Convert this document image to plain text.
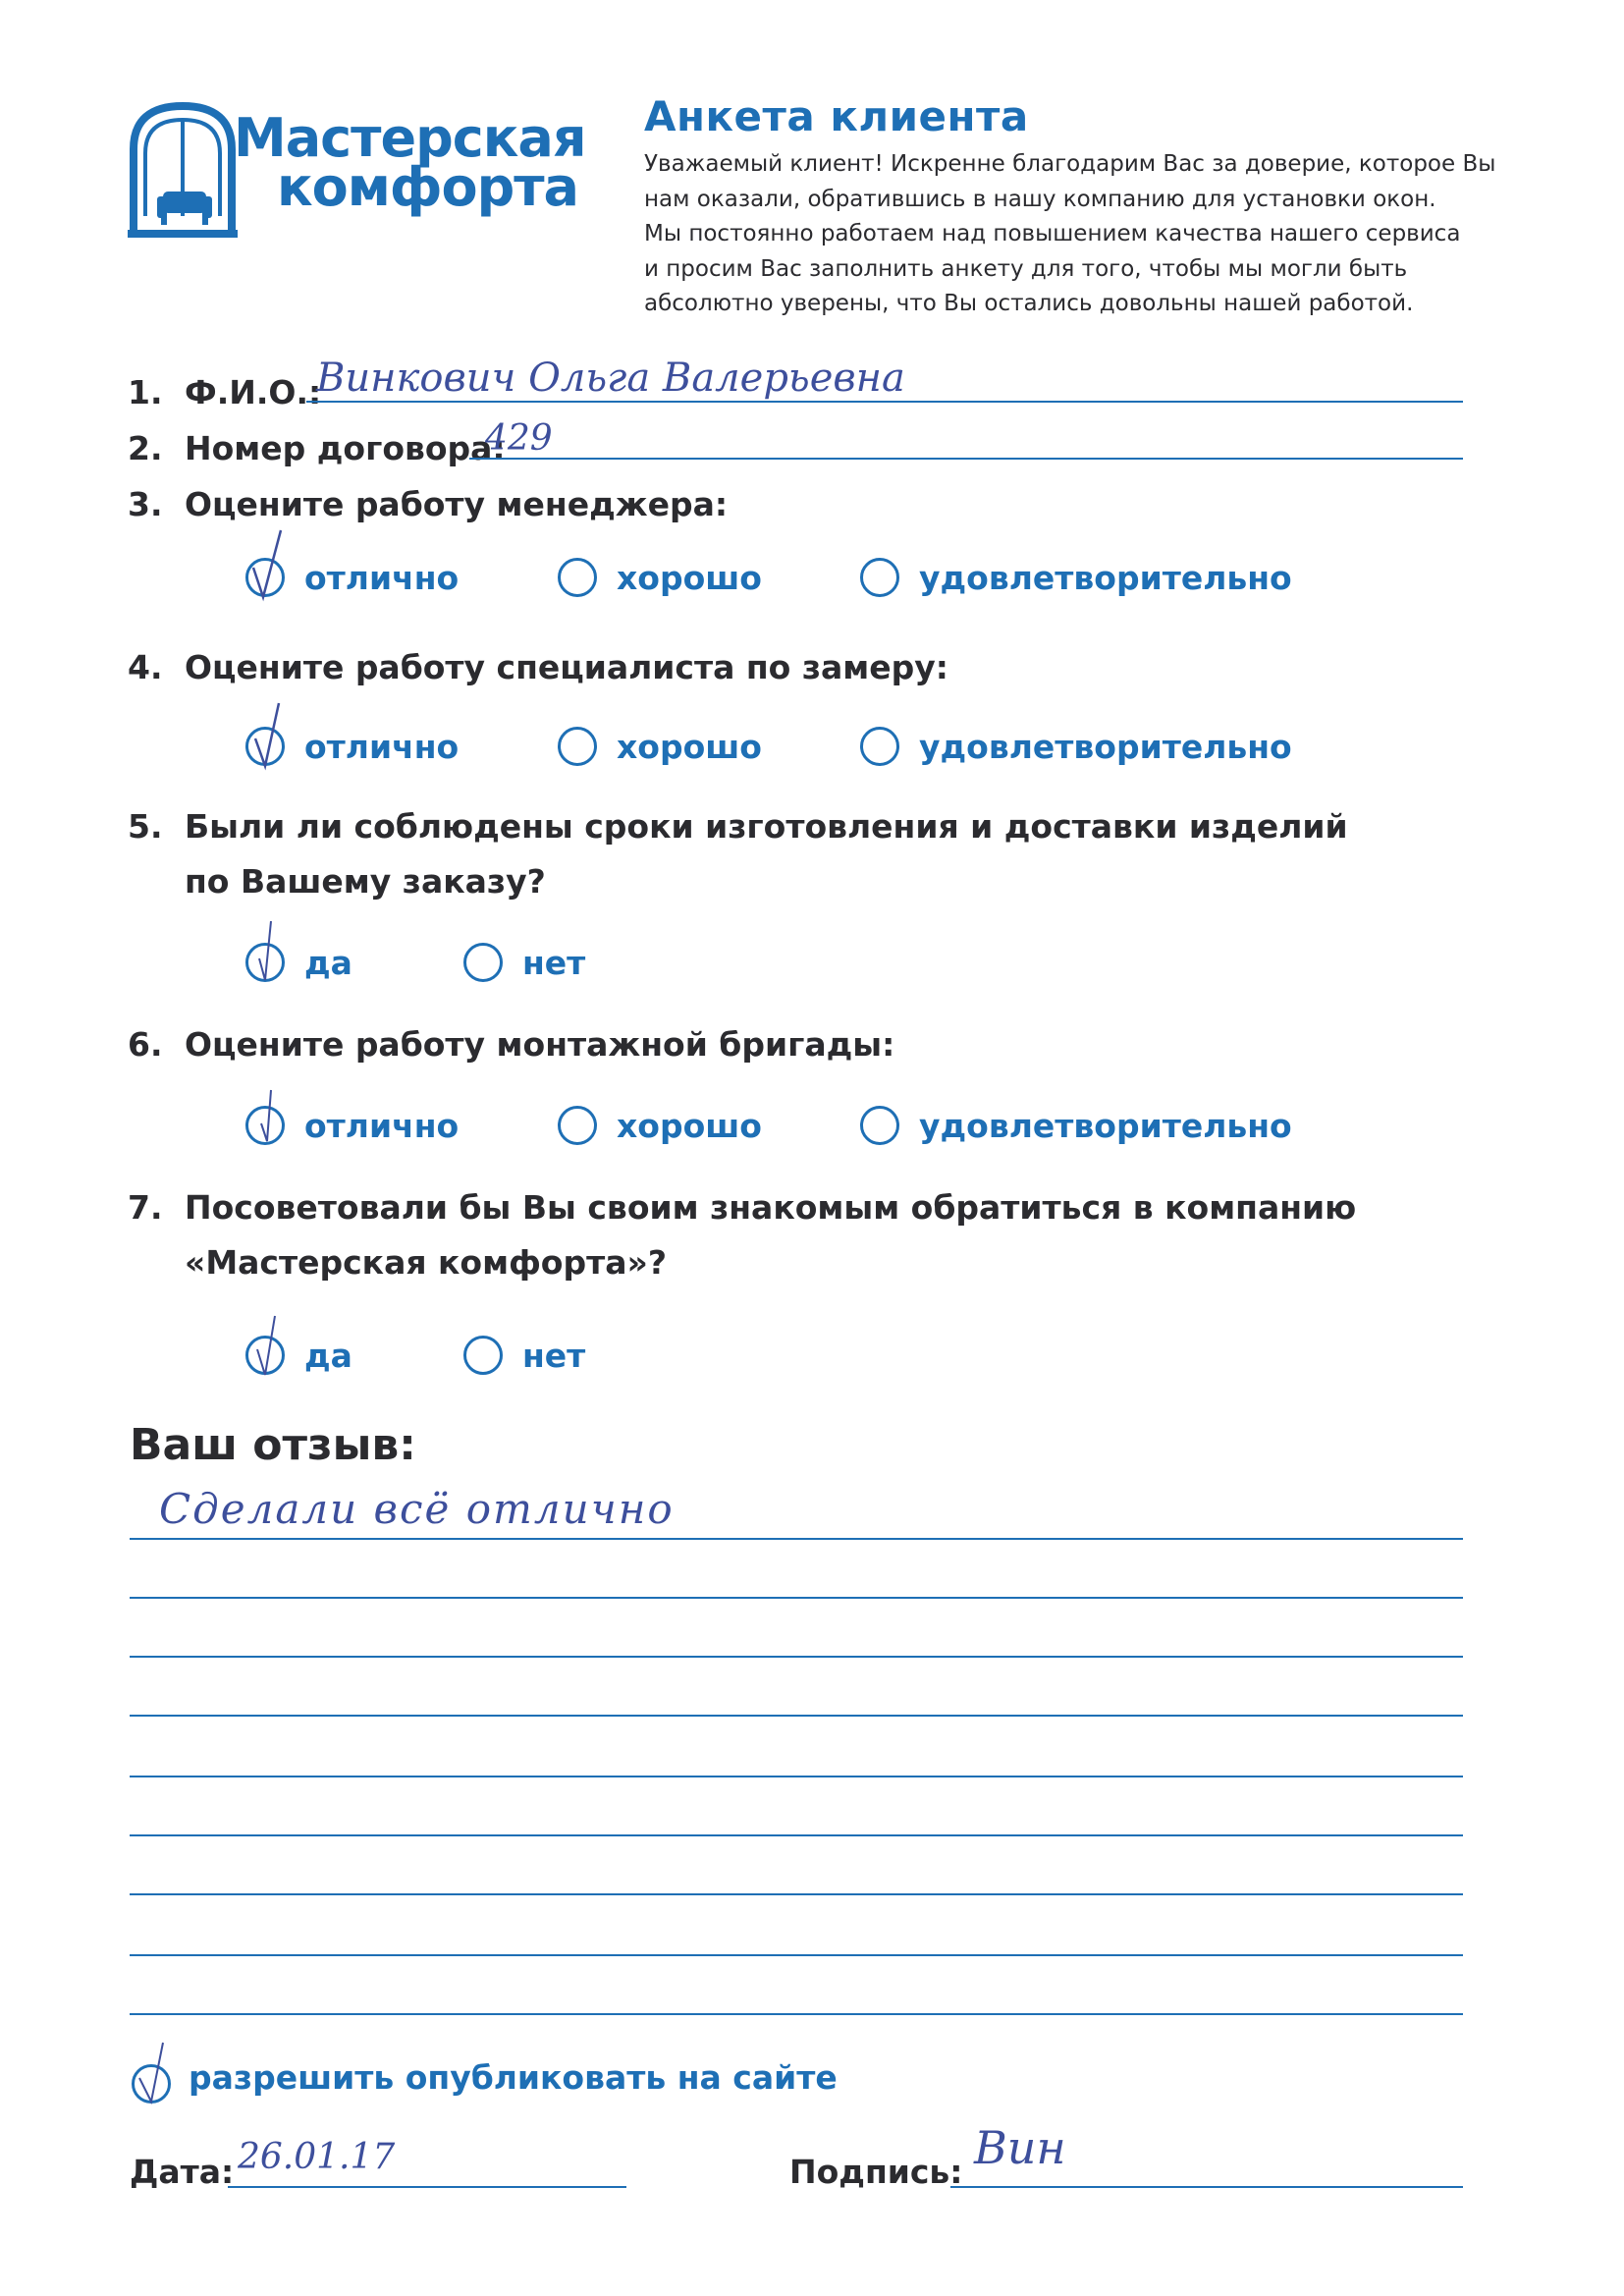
Мастерская
комфорта
Анкета клиента
Уважаемый клиент! Искренне благодарим Вас за доверие, которое Вы
нам оказали, обратившись в нашу компанию для установки окон.
Мы постоянно работаем над повышением качества нашего сервиса
и просим Вас заполнить анкету для того, чтобы мы могли быть
абсолютно уверены, что Вы остались довольны нашей работой.
1. Ф.И.О.:
Винкович Ольга Валерьевна
2. Номер договора:
429
3. Оцените работу менеджера:
отлично	хорошо	удовлетворительно
4. Оцените работу специалиста по замеру:
отлично	хорошо	удовлетворительно
5. Были ли соблюдены сроки изготовления и доставки изделий
по Вашему заказу?
да	нет
6. Оцените работу монтажной бригады:
отлично	хорошо	удовлетворительно
7. Посоветовали бы Вы своим знакомым обратиться в компанию
«Мастерская комфорта»?
да	нет
Ваш отзыв:
Сделали всё отлично
разрешить опубликовать на сайте
Дата: 26.01.17	Подпись: Вин
